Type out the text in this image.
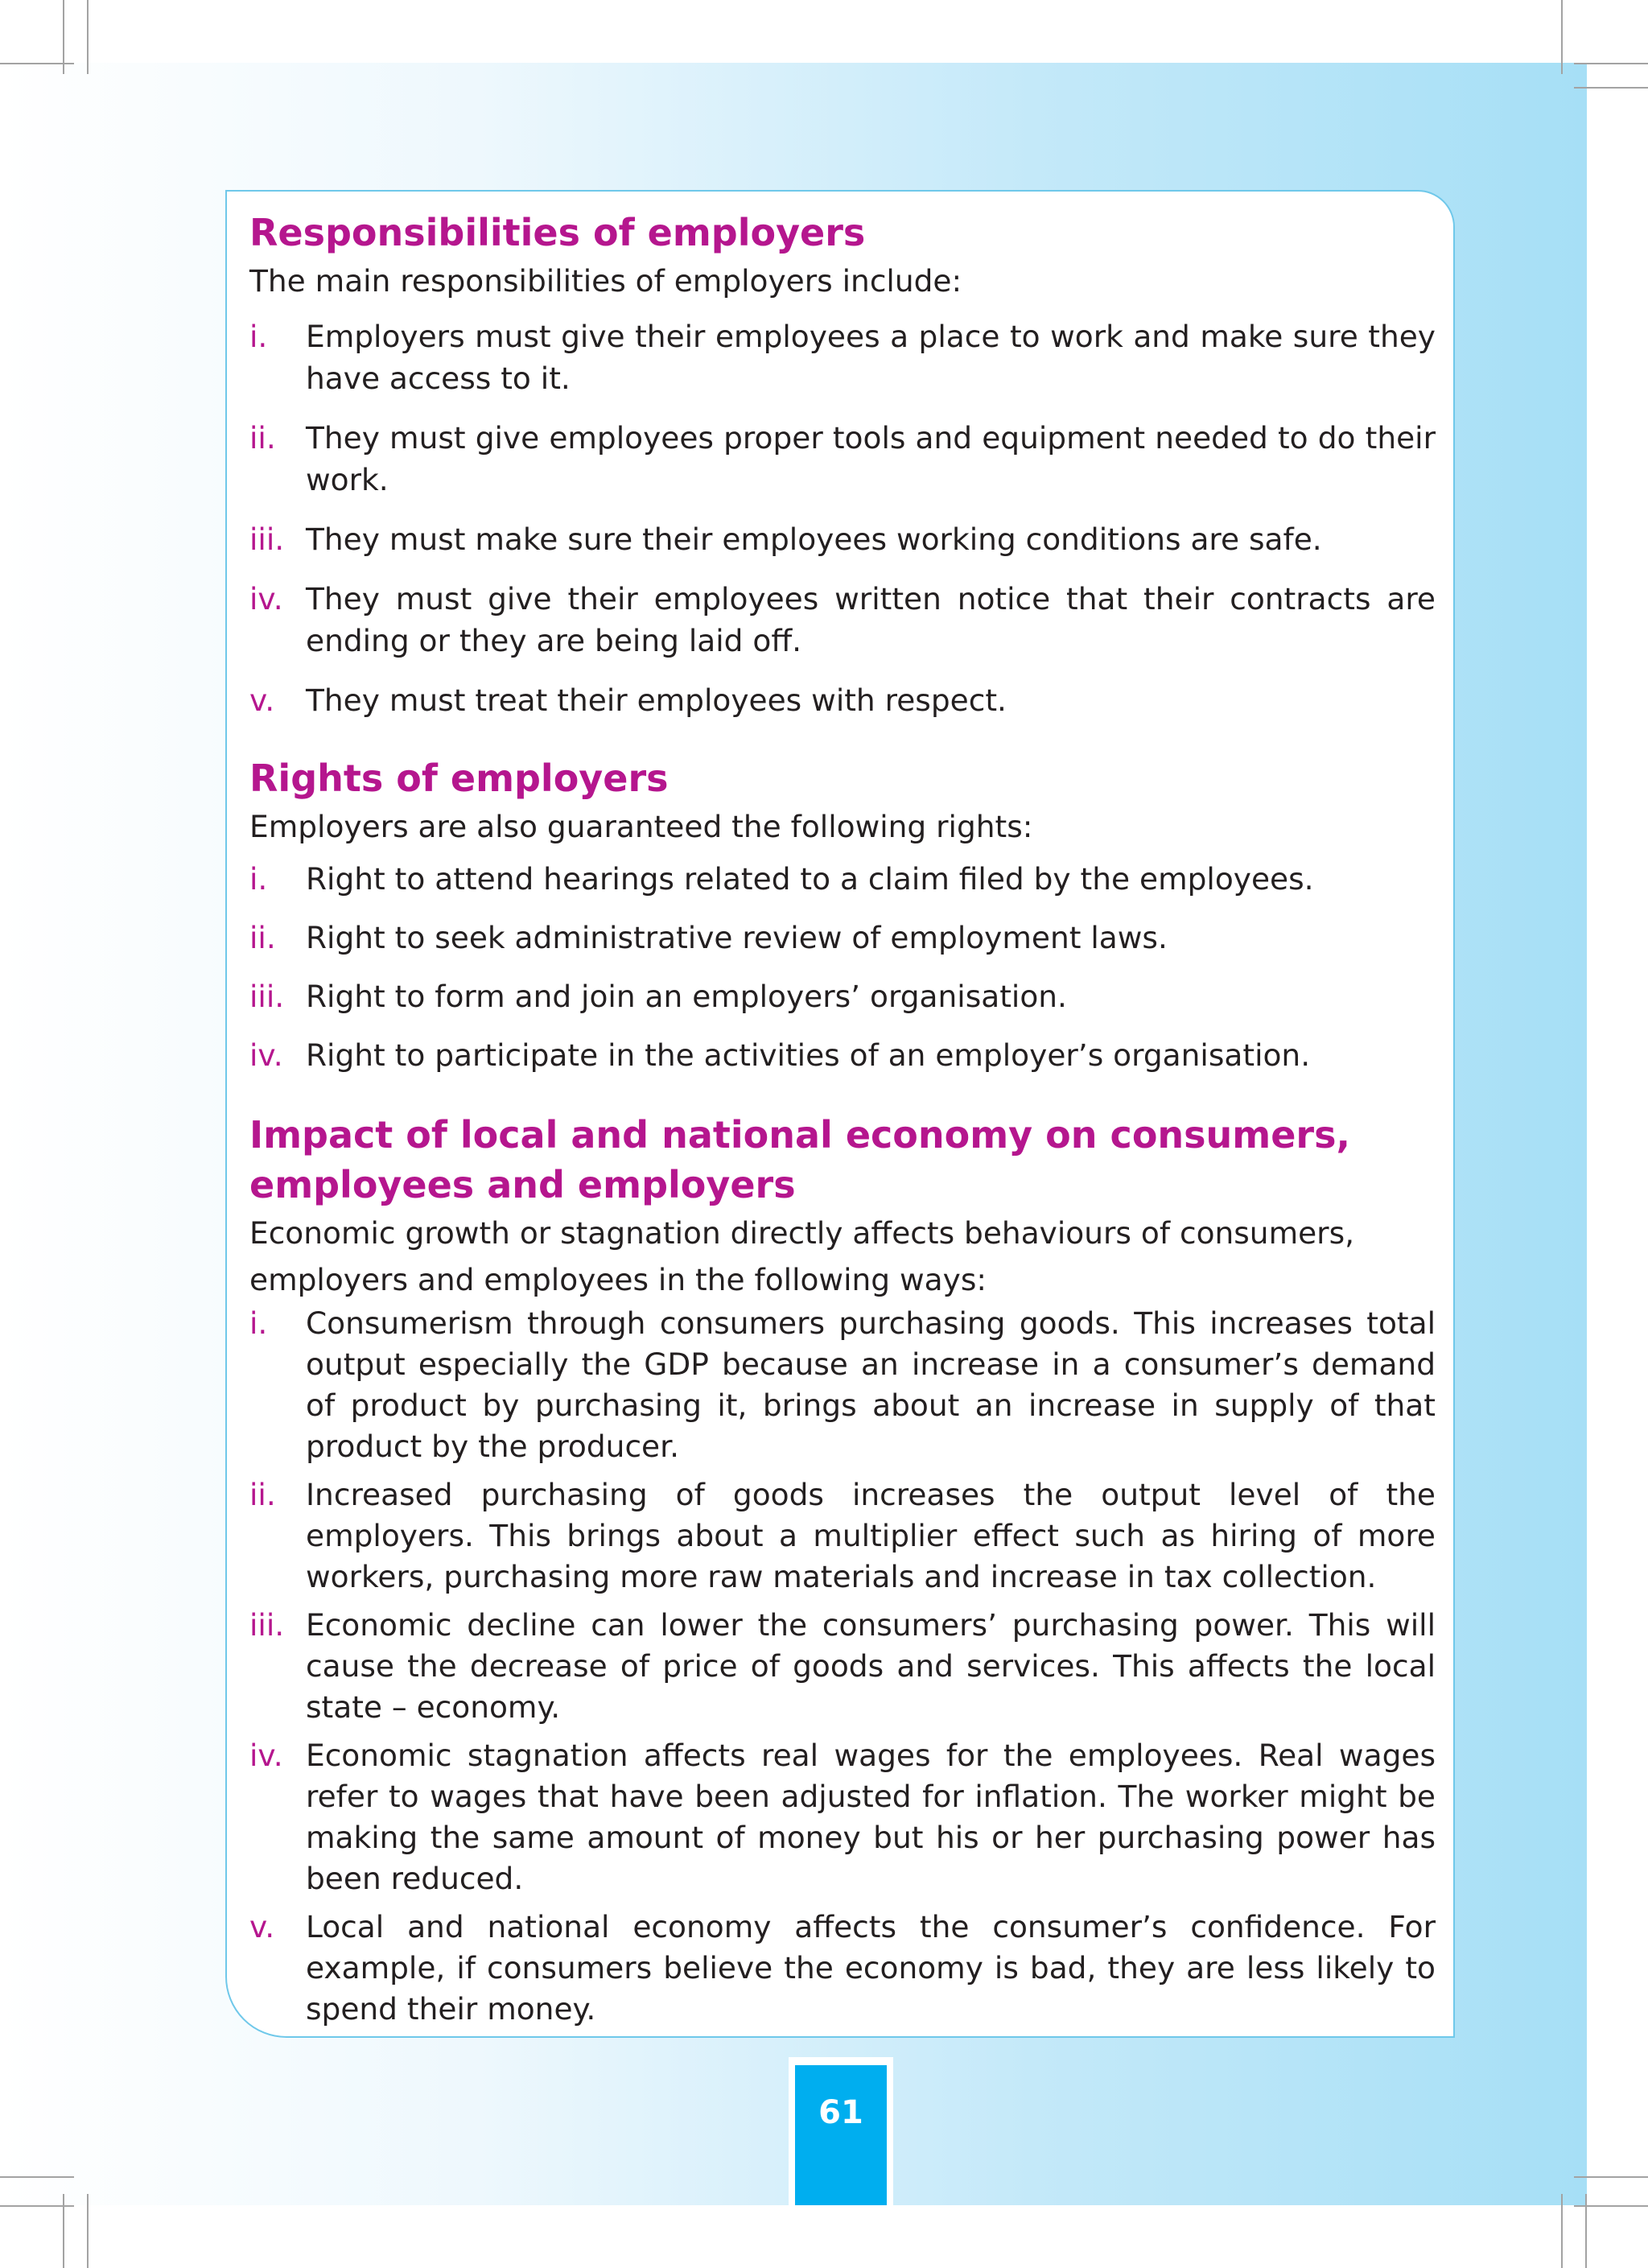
Responsibilities of employers

The main responsibilities of employers include:

i. Employers must give their employees a place to work and make sure they have access to it.
ii. They must give employees proper tools and equipment needed to do their work.
iii. They must make sure their employees working conditions are safe.
iv. They must give their employees written notice that their contracts are ending or they are being laid off.
v. They must treat their employees with respect.
Rights of employers

Employers are also guaranteed the following rights:

i. Right to attend hearings related to a claim filed by the employees.
ii. Right to seek administrative review of employment laws.
iii. Right to form and join an employers’ organisation.
iv. Right to participate in the activities of an employer’s organisation.
Impact of local and national economy on consumers, employees and employers

Economic growth or stagnation directly affects behaviours of consumers, employers and employees in the following ways:

i. Consumerism through consumers purchasing goods. This increases total output especially the GDP because an increase in a consumer’s demand of product by purchasing it, brings about an increase in supply of that product by the producer.
ii. Increased purchasing of goods increases the output level of the employers. This brings about a multiplier effect such as hiring of more workers, purchasing more raw materials and increase in tax collection.
iii. Economic decline can lower the consumers’ purchasing power. This will cause the decrease of price of goods and services. This affects the local state – economy.
iv. Economic stagnation affects real wages for the employees. Real wages refer to wages that have been adjusted for inflation. The worker might be making the same amount of money but his or her purchasing power has been reduced.
v. Local and national economy affects the consumer’s confidence. For example, if consumers believe the economy is bad, they are less likely to spend their money.
61
